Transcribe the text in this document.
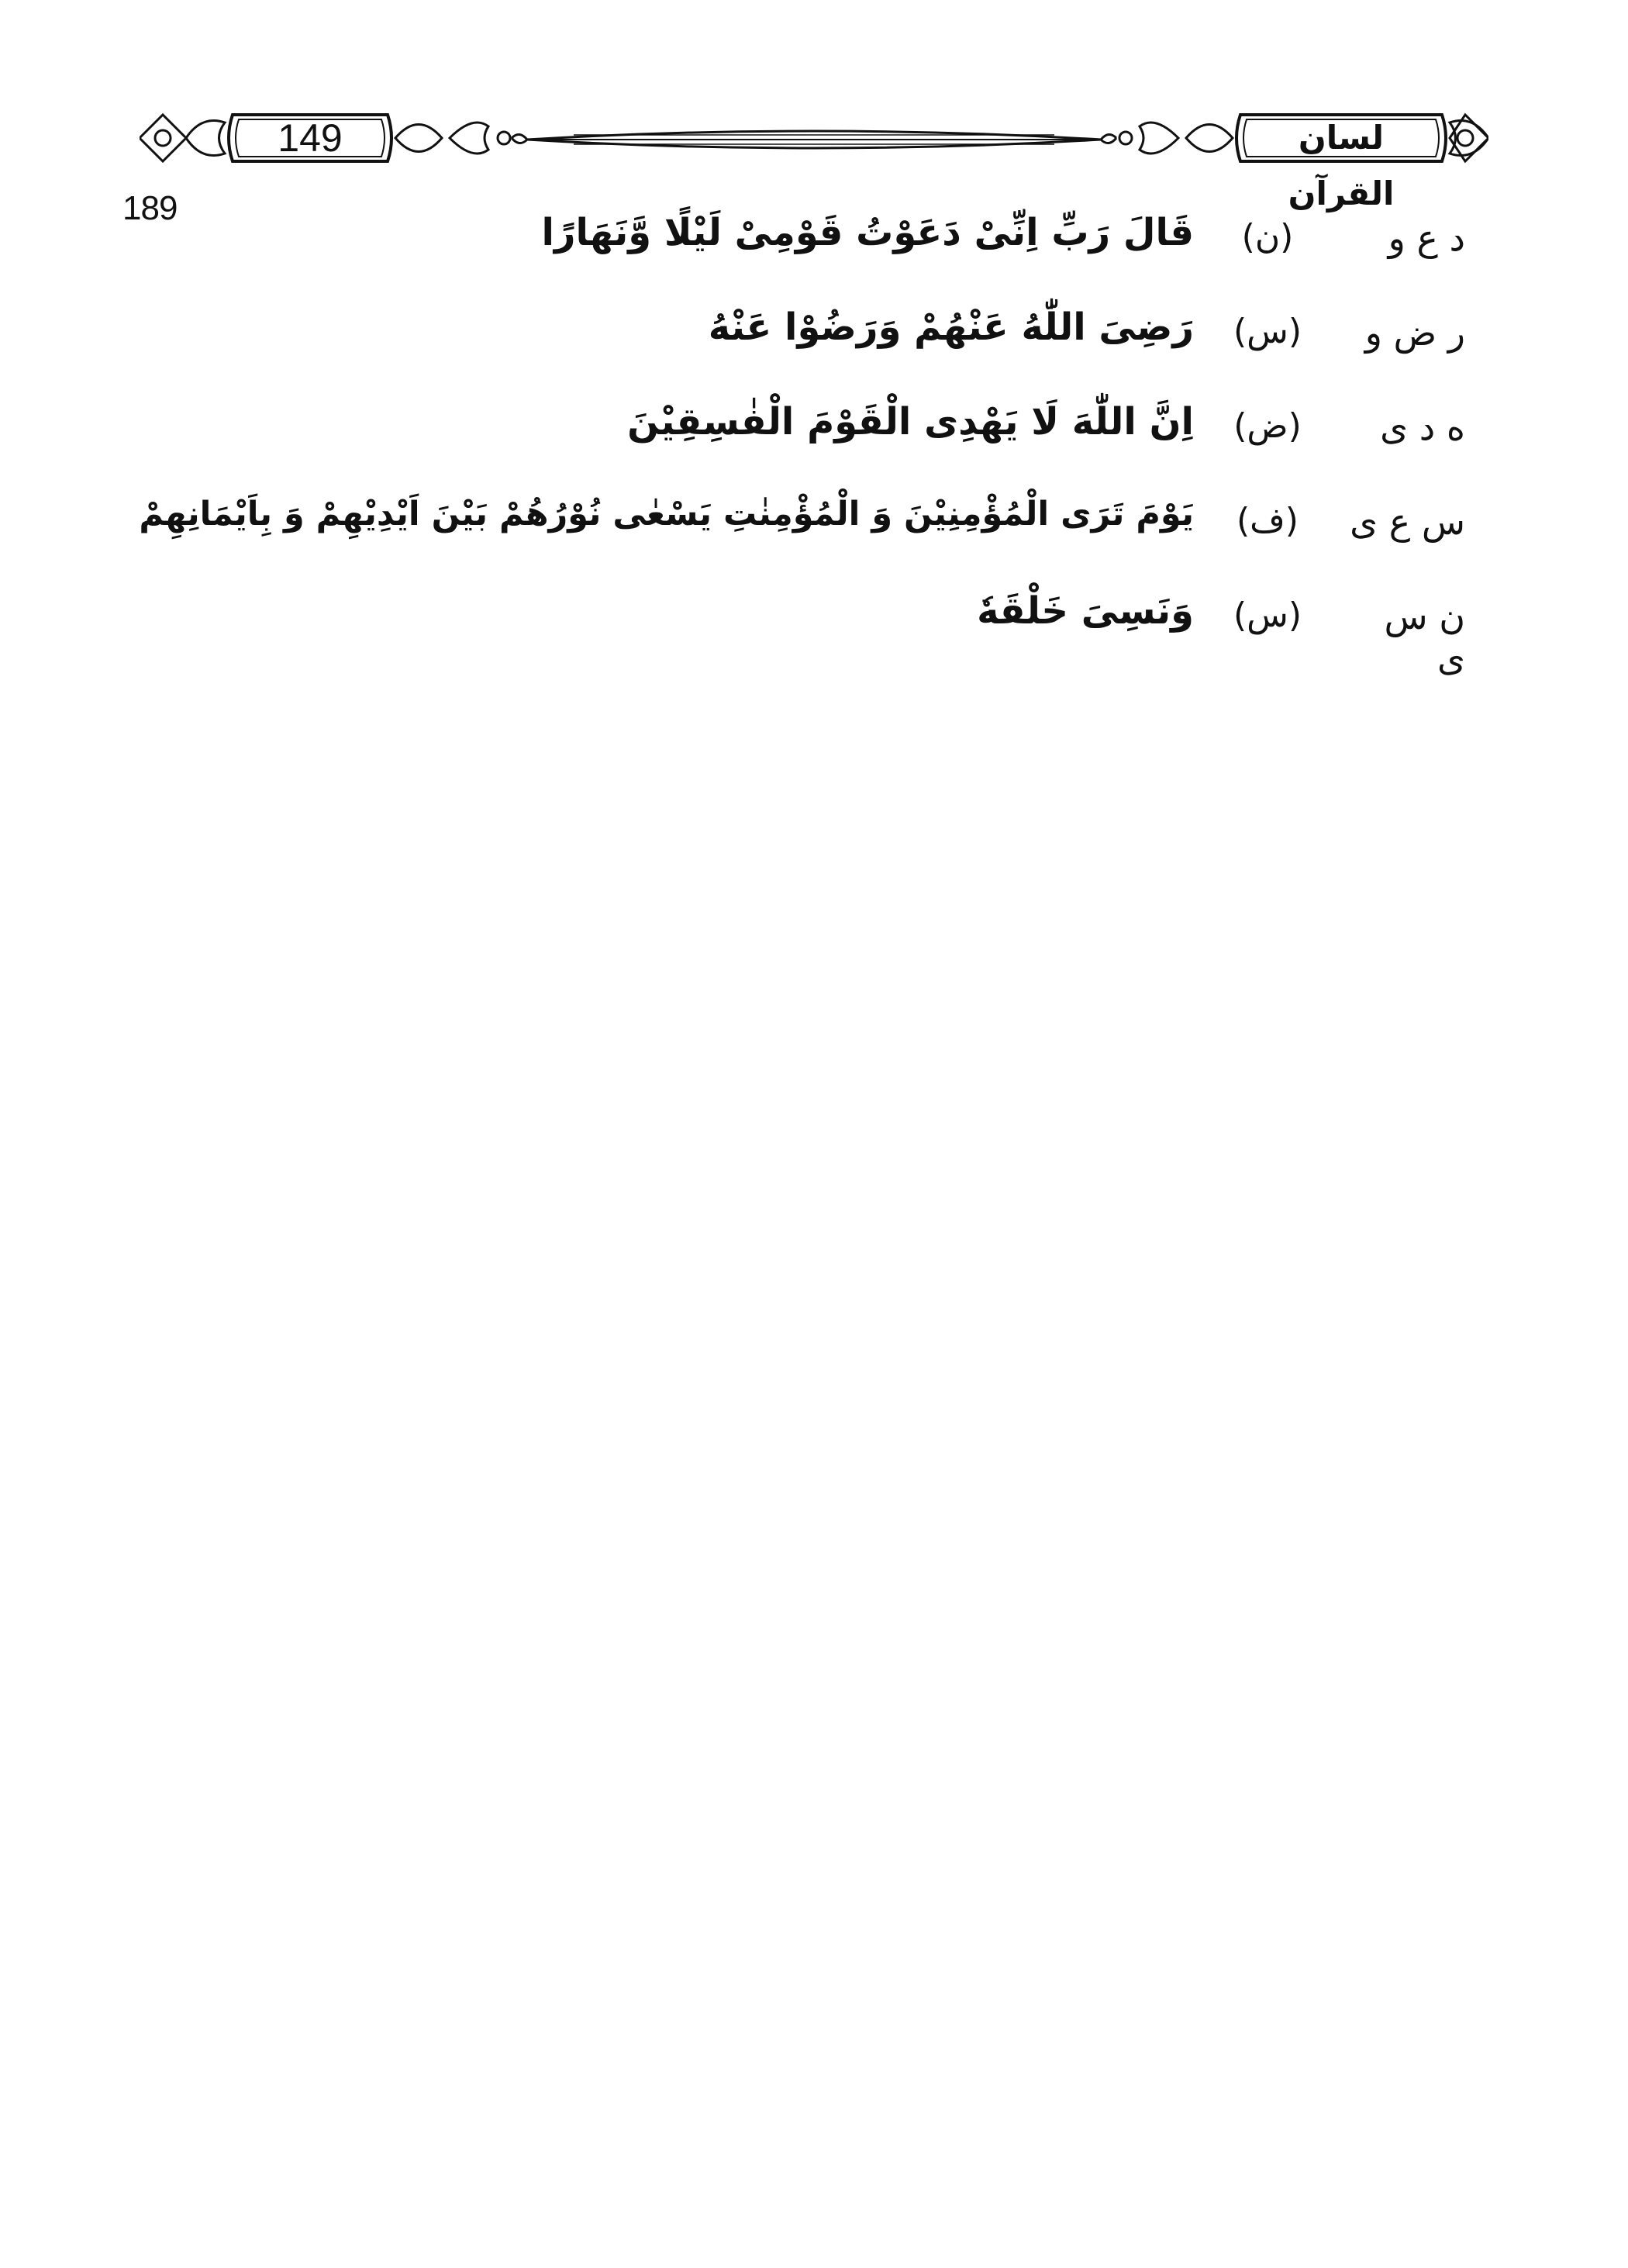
149	لسان القرآن
189
د ع و
(ن)
قَالَ رَبِّ اِنِّیْ دَعَوْتُ قَوْمِیْ لَیْلًا وَّنَهَارًا
ر ض و
(س)
رَضِیَ اللّٰهُ عَنْهُمْ وَرَضُوْا عَنْهُ
ه د ی
(ض)
اِنَّ اللّٰهَ لَا یَهْدِی الْقَوْمَ الْفٰسِقِیْنَ
س ع ی
(ف)
یَوْمَ تَرَی الْمُؤْمِنِیْنَ وَ الْمُؤْمِنٰتِ یَسْعٰی نُوْرُهُمْ بَیْنَ اَیْدِیْهِمْ وَ بِاَیْمَانِهِمْ
ن س ی
(س)
وَنَسِیَ خَلْقَهٗ
